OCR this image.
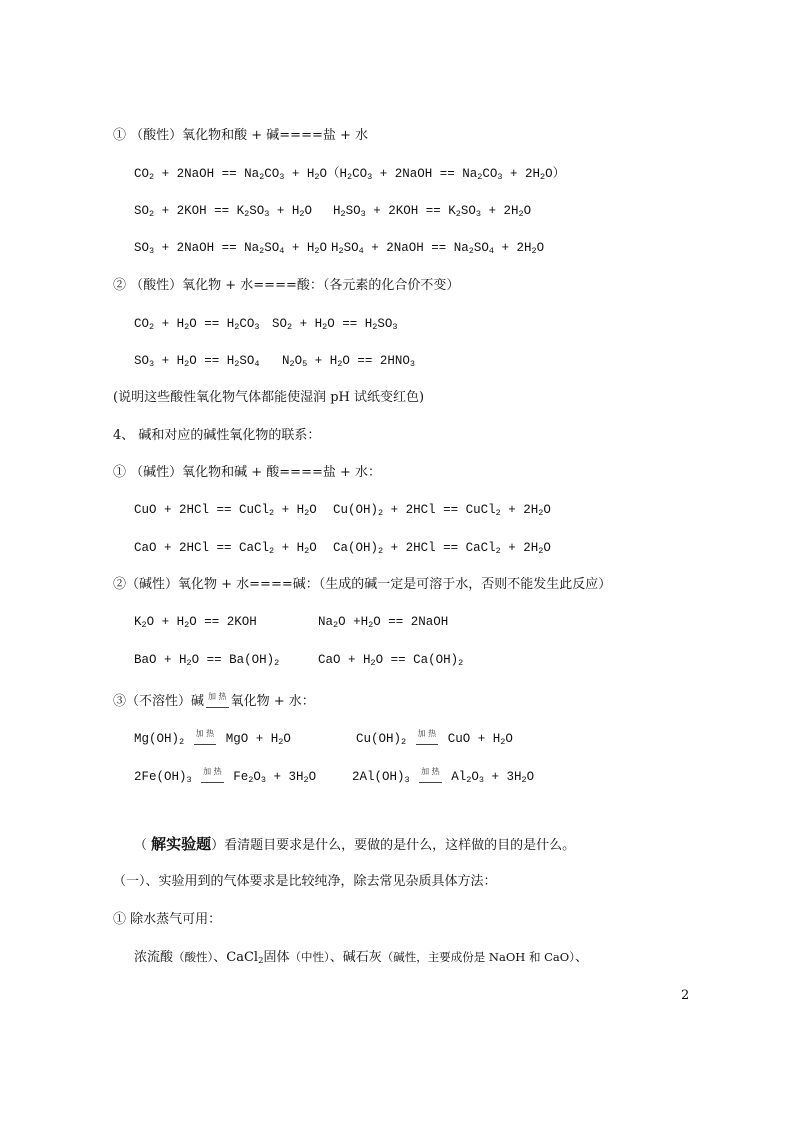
① （酸性）氧化物和酸 + 碱====盐 + 水
$CO_2$ + 2NaOH == $Na_2CO_3 + H_2O(H_2CO_3$ + 2NaOH == $Na_2CO_3 + 2H_2O$）
$SO_2 + 2KOH == K_2SO_3 + H_2O$ $H_2SO_3 + 2KOH == K_2SO_3 + 2H_2O$
$SO_3$ + 2NaOH == $Na_2SO_4 + H_2O$ $H_2SO_4$ + 2NaOH == $Na_2SO_4 + 2H_2O$
② （酸性）氧化物 + 水====酸：（各元素的化合价不变）
$CO_2 + H_2O == H_2CO_3$ $SO_2 + H_2O == H_2SO_3$
$SO_3 + H_2O == H_2SO_4$ $N_2O_5 + H_2O == 2HNO_3$
(说明这些酸性氧化物气体都能使湿润 pH 试纸变红色)
4、 碱和对应的碱性氧化物的联系：
① （碱性）氧化物和碱 + 酸====盐 + 水：
CuO + 2HCl == CuCl$_2$ + $H_2O$ $Cu(OH)_2 + 2HCl$ == CuCl$_2$ + $2H_2O$
CaO + 2HCl == CaCl$_2$ + $H_2O$ $Ca(OH)_2 + 2HCl$ == CaCl$_2$ + $2H_2O$
②（碱性）氧化物 + 水====碱：（生成的碱一定是可溶于水，否则不能发生此反应）
$K_2O + H_2O == 2KOH$	$Na_2O +H_2O$ == 2NaOH
BaO + $H_2O == Ba(OH)_2$	CaO + $H_2O == Ca(OH)_2$
③（不溶性）碱 加 热 氧化物 + 水：
$Mg(OH)_2$ 加 热 MgO + $H_2O$	$Cu(OH)_2$ 加 热 CuO + $H_2O$
$2Fe(OH)_3$ 加 热 $Fe_2O_3 + 3H_2O$	$2Al(OH)_3$ 加 热 $Al_2O_3 + 3H_2O$
（ 解实验题）看清题目要求是什么，要做的是什么，这样做的目的是什么。
（一）、实验用到的气体要求是比较纯净，除去常见杂质具体方法：
① 除水蒸气可用：
浓流酸（酸性）、CaCl$_2$固体（中性）、碱石灰（碱性，主要成份是 NaOH 和 CaO）、
2
